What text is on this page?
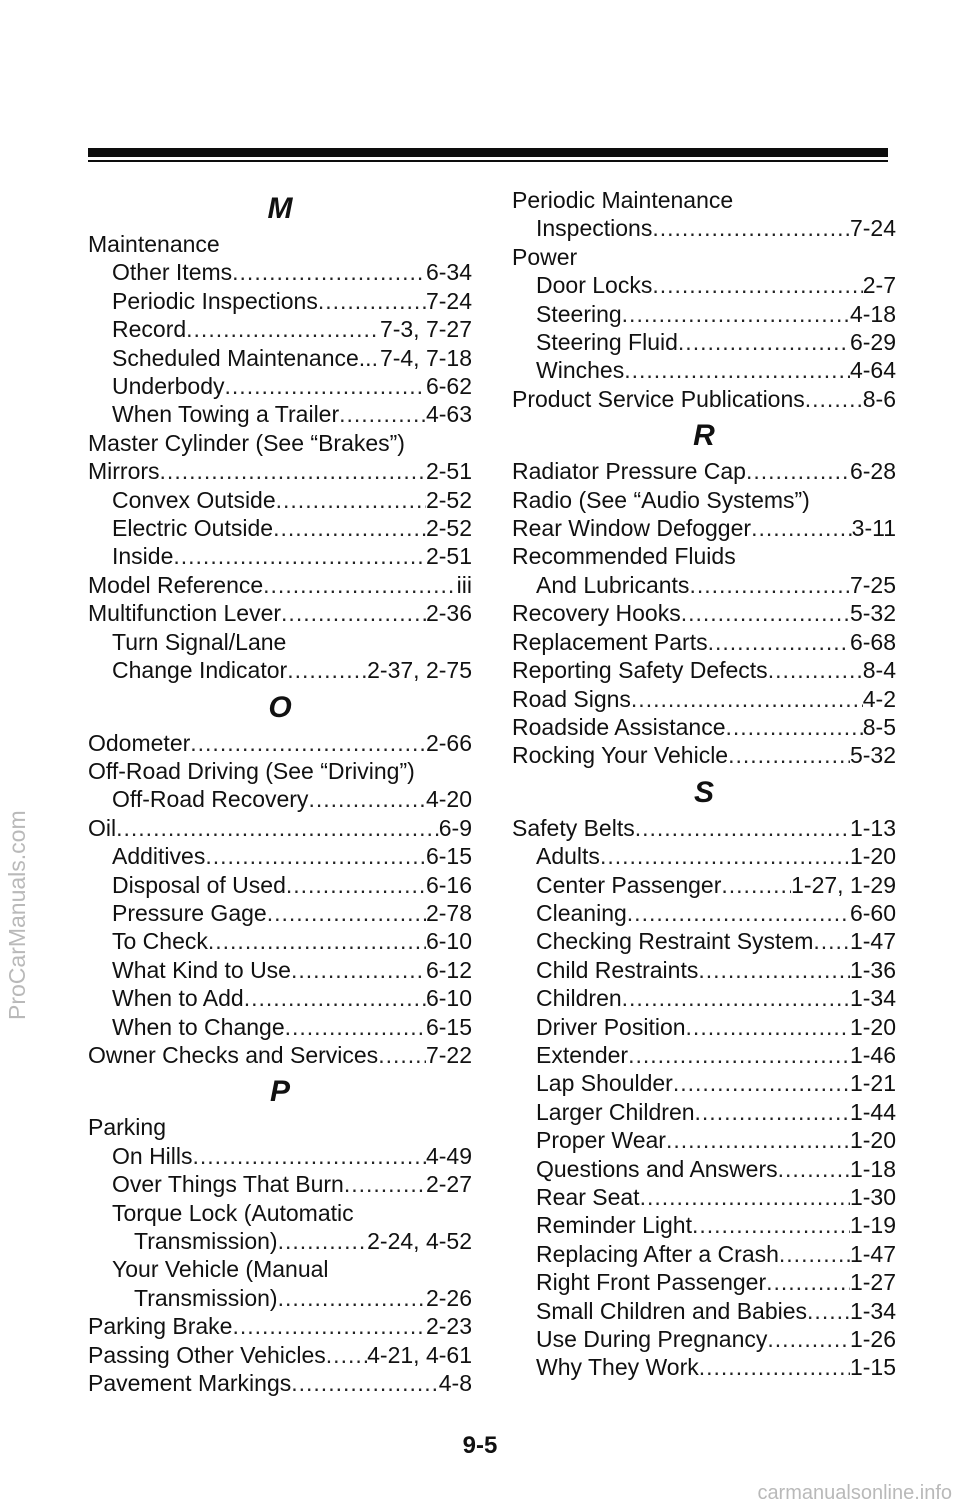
ProCarManuals.com
M
Maintenance
Other Items .....	6-34
Periodic Inspections .....	7-24
Record .....	7-3, 7-27
Scheduled Maintenance.. ..... 7-4, 7-18
Underbody .....	6-62
When Towing a Trailer .....	4-63
Master Cylinder (See “Brakes”)
Mirrors .....	2-51
Convex Outside .....	2-52
Electric Outside .....	2-52
Inside .....	2-51
Model Reference .....	iii
Multifunction Lever .....	2-36
Turn Signal/Lane
Change Indicator .....	2-37, 2-75
O
Odometer .....	2-66
Off-Road Driving (See “Driving”)
Off-Road Recovery .....	4-20
Oil .....	6-9
Additives .....	6-15
Disposal of Used .....	6-16
Pressure Gage .....	2-78
To Check .....	6-10
What Kind to Use .....	6-12
When to Add .....	6-10
When to Change .....	6-15
Owner Checks and Services ..... 7-22
P
Parking
On Hills .....	4-49
Over Things That Burn .....	2-27
Torque Lock (Automatic
Transmission) .....	2-24, 4-52
Your Vehicle (Manual
Transmission) .....	2-26
Parking Brake .....	2-23
Passing Other Vehicles ..... 4-21, 4-61
Pavement Markings .....	4-8
Periodic Maintenance
Inspections .....	7-24
Power
Door Locks .....	2-7
Steering .....	4-18
Steering Fluid .....	6-29
Winches .....	4-64
Product Service Publications .....	8-6
R
Radiator Pressure Cap .....	6-28
Radio (See “Audio Systems”)
Rear Window Defogger .....	3-11
Recommended Fluids
And Lubricants .....	7-25
Recovery Hooks .....	5-32
Replacement Parts .....	6-68
Reporting Safety Defects .....	8-4
Road Signs .....	4-2
Roadside Assistance .....	8-5
Rocking Your Vehicle .....	5-32
S
Safety Belts .....	1-13
Adults .....	1-20
Center Passenger .....	1-27, 1-29
Cleaning .....	6-60
Checking Restraint System ..... 1-47
Child Restraints .....	1-36
Children .....	1-34
Driver Position .....	1-20
Extender .....	1-46
Lap Shoulder .....	1-21
Larger Children .....	1-44
Proper Wear .....	1-20
Questions and Answers .....	1-18
Rear Seat .....	1-30
Reminder Light .....	1-19
Replacing After a Crash .....	1-47
Right Front Passenger .....	1-27
Small Children and Babies ..... 1-34
Use During Pregnancy .....	1-26
Why They Work .....	1-15
9-5
carmanualsonline.info
